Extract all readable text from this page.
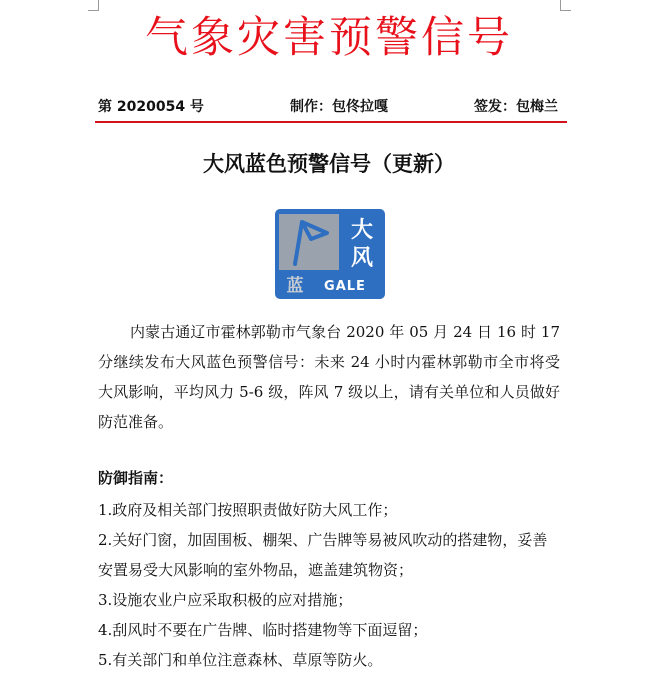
气象灾害预警信号
第 2020054 号	制作：包佟拉嘎	签发：包梅兰
大风蓝色预警信号（更新）
大
风
蓝 GALE

内蒙古通辽市霍林郭勒市气象台 2020 年 05 月 24 日 16 时 17 分继续发布大风蓝色预警信号：未来 24 小时内霍林郭勒市全市将受大风影响，平均风力 5-6 级，阵风 7 级以上，请有关单位和人员做好防范准备。

防御指南：

1.政府及相关部门按照职责做好防大风工作；

2.关好门窗，加固围板、棚架、广告牌等易被风吹动的搭建物，妥善安置易受大风影响的室外物品，遮盖建筑物资；

3.设施农业户应采取积极的应对措施；

4.刮风时不要在广告牌、临时搭建物等下面逗留；

5.有关部门和单位注意森林、草原等防火。
